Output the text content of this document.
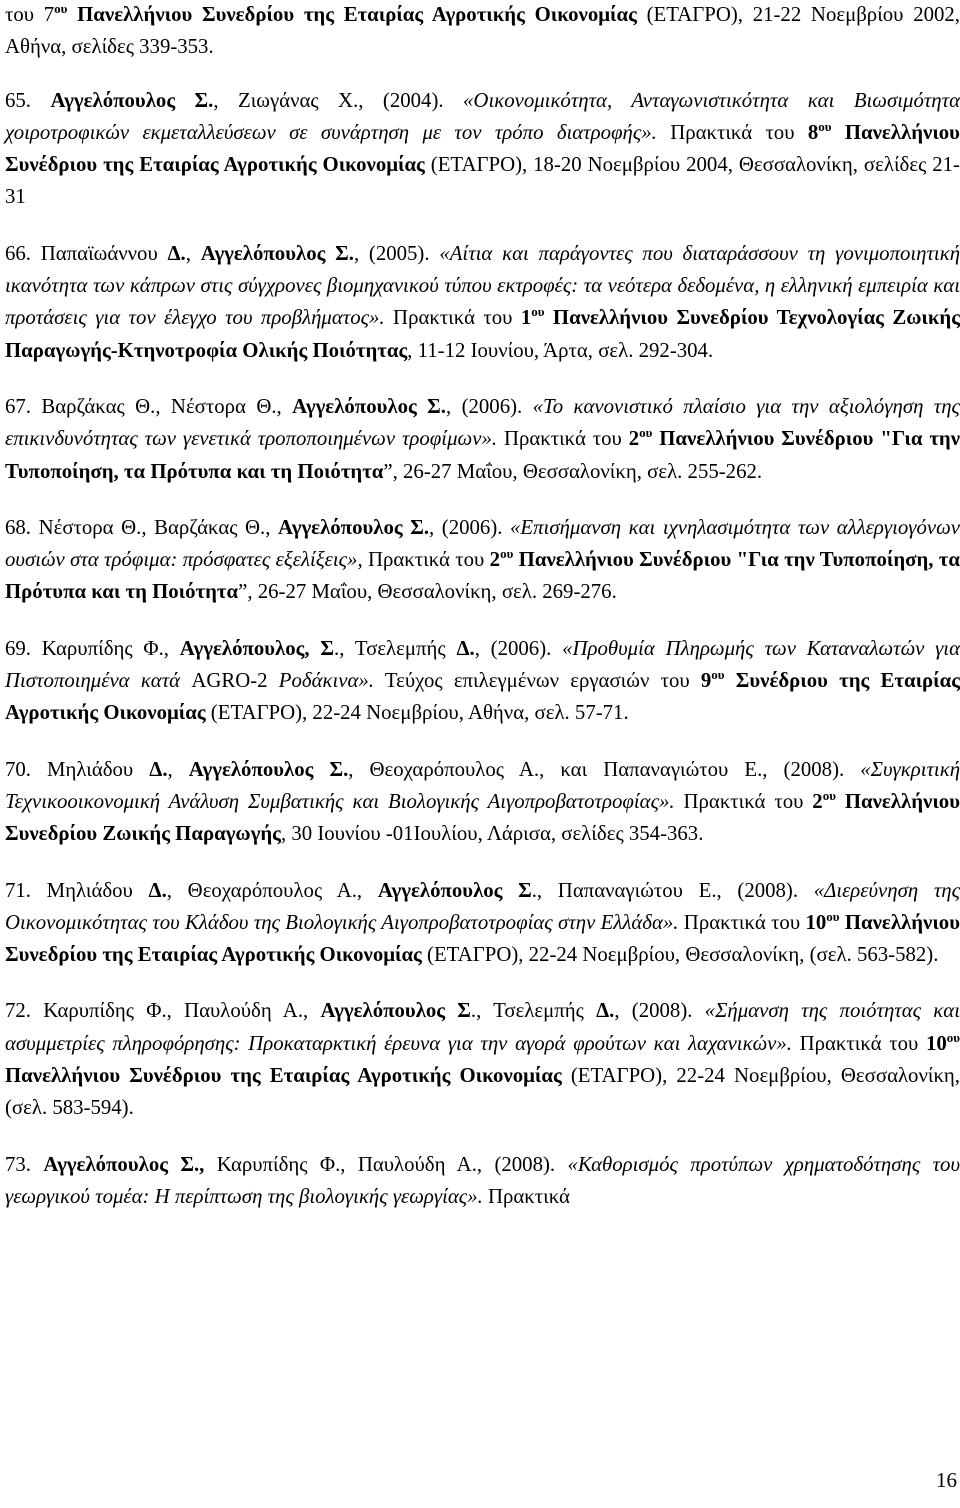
του $7^{o\upsilon}$ Πανελλήνιου Συνεδρίου της Εταιρίας Αγροτικής Οικονομίας (ΕΤΑΓΡΟ), 21-22 Νοεμβρίου 2002, Αθήνα, σελίδες 339-353.

65. Αγγελόπουλος Σ., Ζιωγάνας Χ., (2004). «Οικονομικότητα, Ανταγωνιστικότητα και Βιωσιμότητα χοιροτροφικών εκμεταλλεύσεων σε συνάρτηση με τον τρόπο διατροφής». Πρακτικά του $8^{o\upsilon}$ Πανελλήνιου Συνέδριου της Εταιρίας Αγροτικής Οικονομίας (ΕΤΑΓΡΟ), 18-20 Νοεμβρίου 2004, Θεσσαλονίκη, σελίδες 21-31

66. Παπαϊωάννου Δ., Αγγελόπουλος Σ., (2005). «Αίτια και παράγοντες που διαταράσσουν τη γονιμοποιητική ικανότητα των κάπρων στις σύγχρονες βιομηχανικού τύπου εκτροφές: τα νεότερα δεδομένα, η ελληνική εμπειρία και προτάσεις για τον έλεγχο του προβλήματος». Πρακτικά του $1^{o\upsilon}$ Πανελλήνιου Συνεδρίου Τεχνολογίας Ζωικής Παραγωγής-Κτηνοτροφία Ολικής Ποιότητας, 11-12 Ιουνίου, Άρτα, σελ. 292-304.

67. Βαρζάκας Θ., Νέστορα Θ., Αγγελόπουλος Σ., (2006). «Το κανονιστικό πλαίσιο για την αξιολόγηση της επικινδυνότητας των γενετικά τροποποιημένων τροφίμων». Πρακτικά του $2^{o\upsilon}$ Πανελλήνιου Συνέδριου "Για την Τυποποίηση, τα Πρότυπα και τη Ποιότητα”, 26-27 Μαΐου, Θεσσαλονίκη, σελ. 255-262.

68. Νέστορα Θ., Βαρζάκας Θ., Αγγελόπουλος Σ., (2006). «Επισήμανση και ιχνηλασιμότητα των αλλεργιογόνων ουσιών στα τρόφιμα: πρόσφατες εξελίξεις», Πρακτικά του $2^{o\upsilon}$ Πανελλήνιου Συνέδριου "Για την Τυποποίηση, τα Πρότυπα και τη Ποιότητα”, 26-27 Μαΐου, Θεσσαλονίκη, σελ. 269-276.

69. Καρυπίδης Φ., Αγγελόπουλος, Σ., Τσελεμπής Δ., (2006). «Προθυμία Πληρωμής των Καταναλωτών για Πιστοποιημένα κατά AGRO-2 Ροδάκινα». Τεύχος επιλεγμένων εργασιών του $9^{o\upsilon}$ Συνέδριου της Εταιρίας Αγροτικής Οικονομίας (ΕΤΑΓΡΟ), 22-24 Νοεμβρίου, Αθήνα, σελ. 57-71.

70. Μηλιάδου Δ., Αγγελόπουλος Σ., Θεοχαρόπουλος Α., και Παπαναγιώτου Ε., (2008). «Συγκριτική Τεχνικοοικονομική Ανάλυση Συμβατικής και Βιολογικής Αιγοπροβατοτροφίας». Πρακτικά του $2^{o\upsilon}$ Πανελλήνιου Συνεδρίου Ζωικής Παραγωγής, 30 Ιουνίου -01Ιουλίου, Λάρισα, σελίδες 354-363.

71. Μηλιάδου Δ., Θεοχαρόπουλος Α., Αγγελόπουλος Σ., Παπαναγιώτου Ε., (2008). «Διερεύνηση της Οικονομικότητας του Κλάδου της Βιολογικής Αιγοπροβατοτροφίας στην Ελλάδα». Πρακτικά του $10^{o\upsilon}$ Πανελλήνιου Συνεδρίου της Εταιρίας Αγροτικής Οικονομίας (ΕΤΑΓΡΟ), 22-24 Νοεμβρίου, Θεσσαλονίκη, (σελ. 563-582).

72. Καρυπίδης Φ., Παυλούδη Α., Αγγελόπουλος Σ., Τσελεμπής Δ., (2008). «Σήμανση της ποιότητας και ασυμμετρίες πληροφόρησης: Προκαταρκτική έρευνα για την αγορά φρούτων και λαχανικών». Πρακτικά του $10^{o\upsilon}$ Πανελλήνιου Συνέδριου της Εταιρίας Αγροτικής Οικονομίας (ΕΤΑΓΡΟ), 22-24 Νοεμβρίου, Θεσσαλονίκη, (σελ. 583-594).

73. Αγγελόπουλος Σ., Καρυπίδης Φ., Παυλούδη Α., (2008). «Καθορισμός προτύπων χρηματοδότησης του γεωργικού τομέα: Η περίπτωση της βιολογικής γεωργίας». Πρακτικά

16
